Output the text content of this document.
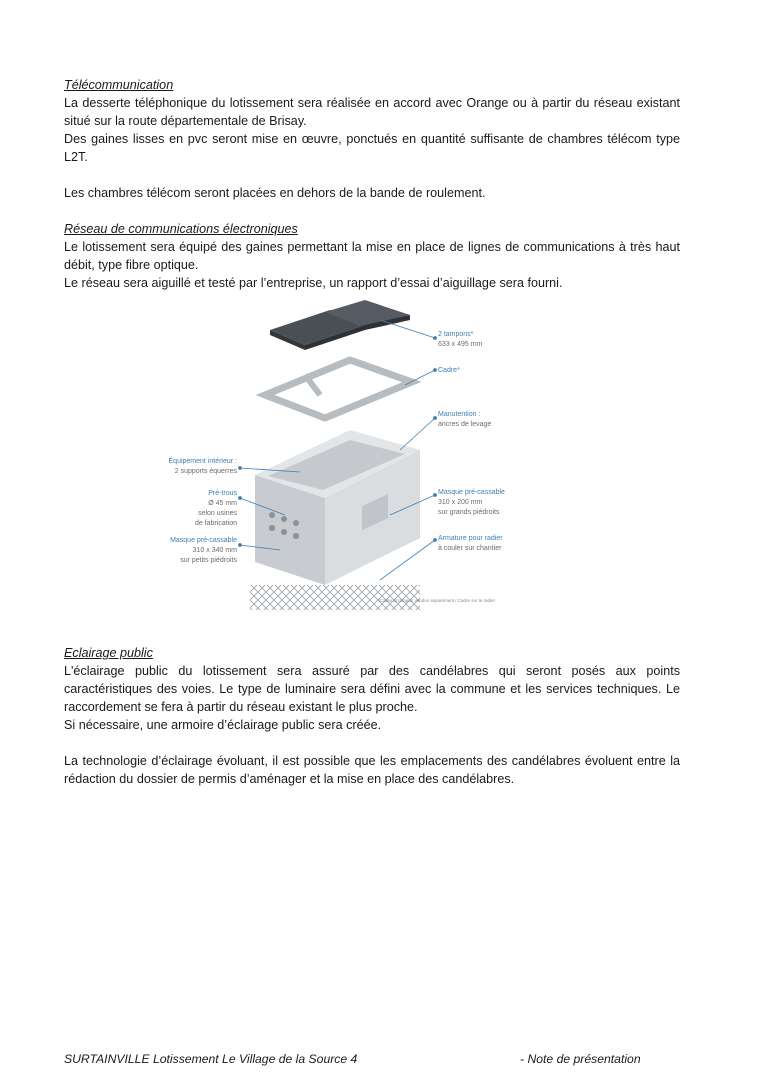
Télécommunication
La desserte téléphonique du lotissement sera réalisée en accord avec Orange ou à partir du réseau existant situé sur la route départementale de Brisay.
Des gaines lisses en pvc seront mise en œuvre, ponctués en quantité suffisante de chambres télécom type L2T.
Les chambres télécom seront placées en dehors de la bande de roulement.
Réseau de communications électroniques
Le lotissement sera équipé des gaines permettant la mise en place de lignes de communications à très haut débit, type fibre optique.
Le réseau sera aiguillé et testé par l’entreprise, un rapport d’essai d’aiguillage sera fourni.
2 tampons*
633 x 495 mm
Cadre*
Manutention :
ancres de levage
Masque pré-cassable
310 x 200 mm
sur grands piédroits
Armature pour radier
à couler sur chantier
Équipement intérieur :
2 supports équerres
Pré-trous
Ø 45 mm
selon usines
de fabrication
Masque pré-cassable
310 x 340 mm
sur petits piédroits
*Cadre et tampon vendus séparément / Cadre sur le radier
Eclairage public
L'éclairage public du lotissement sera assuré par des candélabres qui seront posés aux points caractéristiques des voies. Le type de luminaire sera défini avec la commune et les services techniques. Le raccordement se fera à partir du réseau existant le plus proche.
Si nécessaire, une armoire d’éclairage public sera créée.
La technologie d’éclairage évoluant, il est possible que les emplacements des candélabres évoluent entre la rédaction du dossier de permis d’aménager et la mise en place des candélabres.
SURTAINVILLE Lotissement Le Village de la Source 4	- Note de présentation
